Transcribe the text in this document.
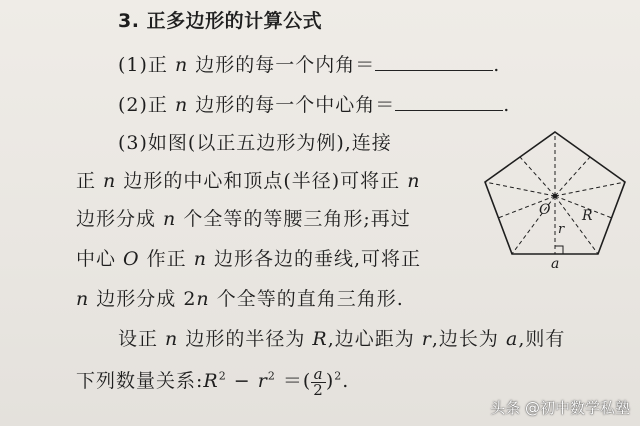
3. 正多边形的计算公式
(1)正 n 边形的每一个内角＝	.
(2)正 n 边形的每一个中心角＝	.
(3)如图(以正五边形为例),连接
正 n 边形的中心和顶点(半径)可将正 n
边形分成 n 个全等的等腰三角形;再过
中心 O 作正 n 边形各边的垂线,可将正
n 边形分成 2n 个全等的直角三角形.
设正 n 边形的半径为 R,边心距为 r,边长为 a,则有
下列数量关系$:R^2 - r^2$ ＝( $\frac{a}{2} )^2$.
O R
r
a
头条 @初中数学私塾
